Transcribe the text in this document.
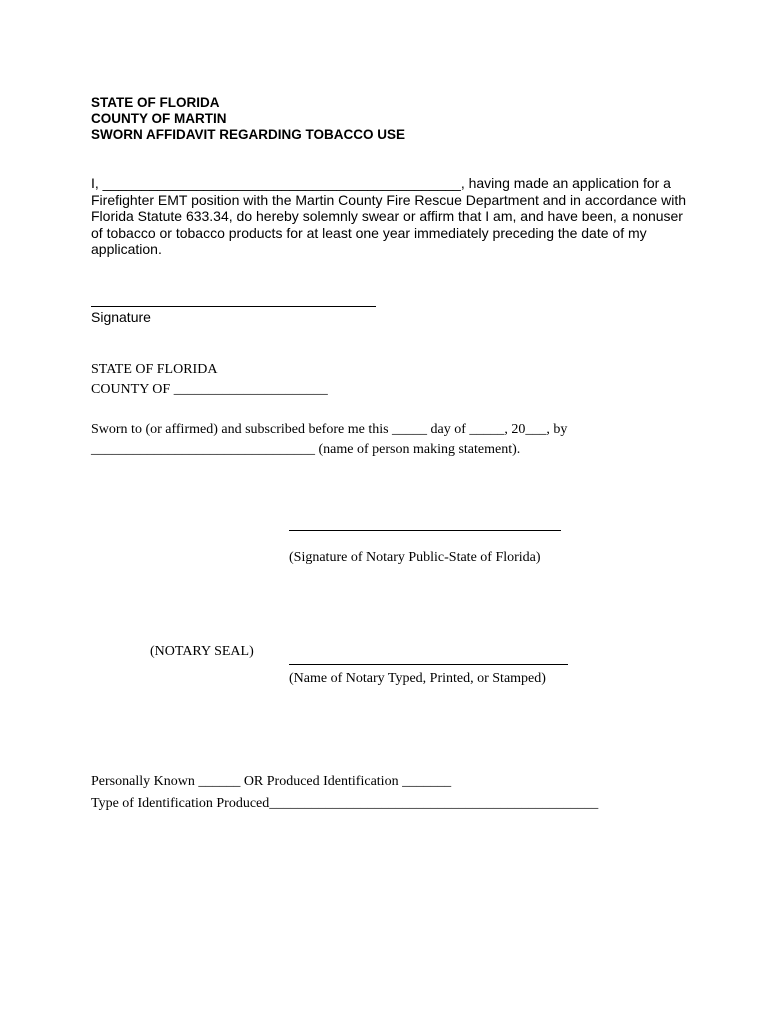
STATE OF FLORIDA
COUNTY OF MARTIN
SWORN AFFIDAVIT REGARDING TOBACCO USE
I, ______________________________________________, having made an application for a
Firefighter EMT position with the Martin County Fire Rescue Department and in accordance with
Florida Statute 633.34, do hereby solemnly swear or affirm that I am, and have been, a nonuser
of tobacco or tobacco products for at least one year immediately preceding the date of my
application.
Signature
STATE OF FLORIDA
COUNTY OF ______________________
Sworn to (or affirmed) and subscribed before me this _____ day of _____, 20___, by
________________________________ (name of person making statement).
(Signature of Notary Public-State of Florida)
(NOTARY SEAL)
(Name of Notary Typed, Printed, or Stamped)
Personally Known ______ OR Produced Identification _______
Type of Identification Produced_______________________________________________
